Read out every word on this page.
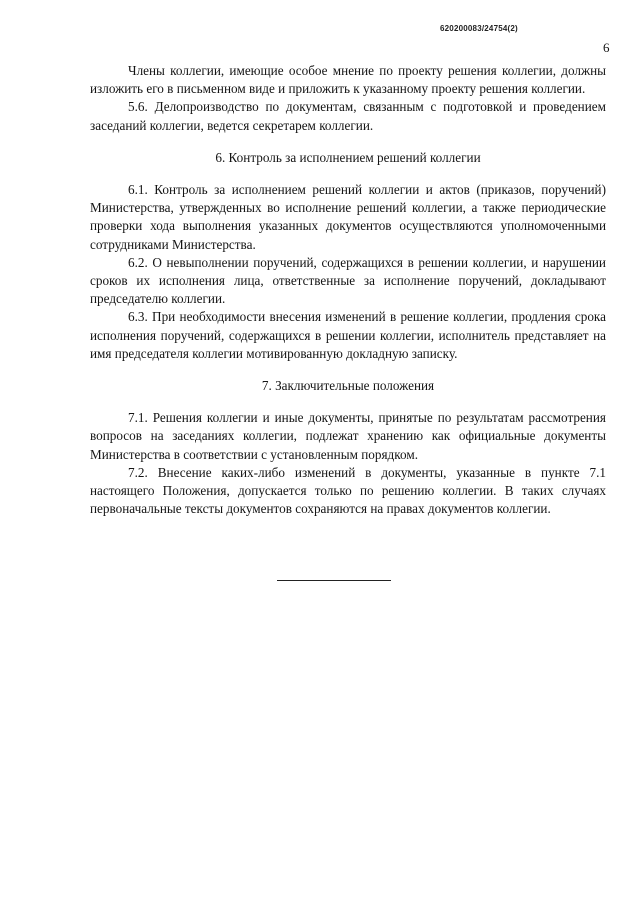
620200083/24754(2)
6

Члены коллегии, имеющие особое мнение по проекту решения коллегии, должны изложить его в письменном виде и приложить к указанному проекту решения коллегии.

5.6. Делопроизводство по документам, связанным с подготовкой и проведением заседаний коллегии, ведется секретарем коллегии.

6. Контроль за исполнением решений коллегии

6.1. Контроль за исполнением решений коллегии и актов (приказов, поручений) Министерства, утвержденных во исполнение решений коллегии, а также периодические проверки хода выполнения указанных документов осуществляются уполномоченными сотрудниками Министерства.

6.2. О невыполнении поручений, содержащихся в решении коллегии, и нарушении сроков их исполнения лица, ответственные за исполнение поручений, докладывают председателю коллегии.

6.3. При необходимости внесения изменений в решение коллегии, продления срока исполнения поручений, содержащихся в решении коллегии, исполнитель представляет на имя председателя коллегии мотивированную докладную записку.

7. Заключительные положения

7.1. Решения коллегии и иные документы, принятые по результатам рассмотрения вопросов на заседаниях коллегии, подлежат хранению как официальные документы Министерства в соответствии с установленным порядком.

7.2. Внесение каких-либо изменений в документы, указанные в пункте 7.1 настоящего Положения, допускается только по решению коллегии. В таких случаях первоначальные тексты документов сохраняются на правах документов коллегии.
